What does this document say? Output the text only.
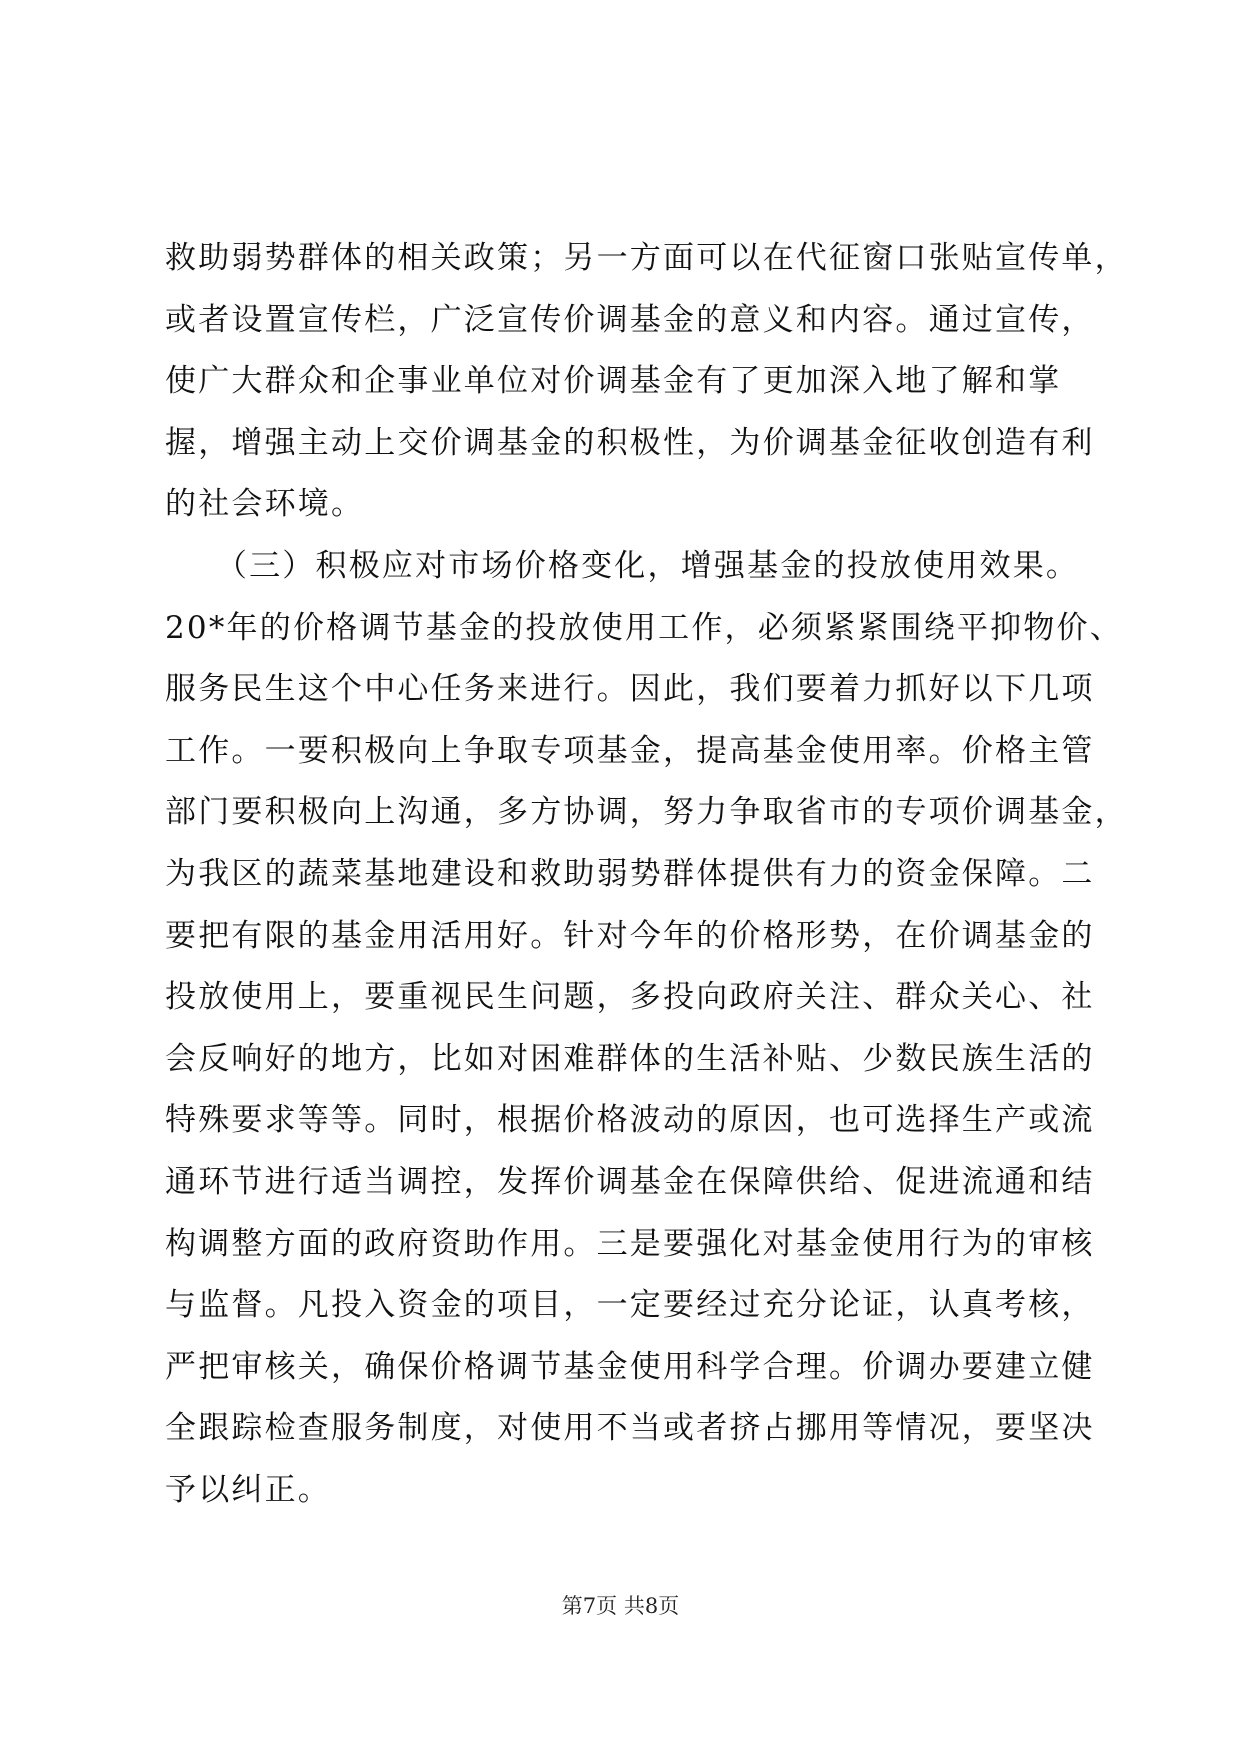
救助弱势群体的相关政策；另一方面可以在代征窗口张贴宣传单，
或者设置宣传栏，广泛宣传价调基金的意义和内容。通过宣传，
使广大群众和企事业单位对价调基金有了更加深入地了解和掌
握，增强主动上交价调基金的积极性，为价调基金征收创造有利
的社会环境。
　　（三）积极应对市场价格变化，增强基金的投放使用效果。
20*年的价格调节基金的投放使用工作，必须紧紧围绕平抑物价、
服务民生这个中心任务来进行。因此，我们要着力抓好以下几项
工作。一要积极向上争取专项基金，提高基金使用率。价格主管
部门要积极向上沟通，多方协调，努力争取省市的专项价调基金，
为我区的蔬菜基地建设和救助弱势群体提供有力的资金保障。二
要把有限的基金用活用好。针对今年的价格形势，在价调基金的
投放使用上，要重视民生问题，多投向政府关注、群众关心、社
会反响好的地方，比如对困难群体的生活补贴、少数民族生活的
特殊要求等等。同时，根据价格波动的原因，也可选择生产或流
通环节进行适当调控，发挥价调基金在保障供给、促进流通和结
构调整方面的政府资助作用。三是要强化对基金使用行为的审核
与监督。凡投入资金的项目，一定要经过充分论证，认真考核，
严把审核关，确保价格调节基金使用科学合理。价调办要建立健
全跟踪检查服务制度，对使用不当或者挤占挪用等情况，要坚决
予以纠正。
第7页 共8页
